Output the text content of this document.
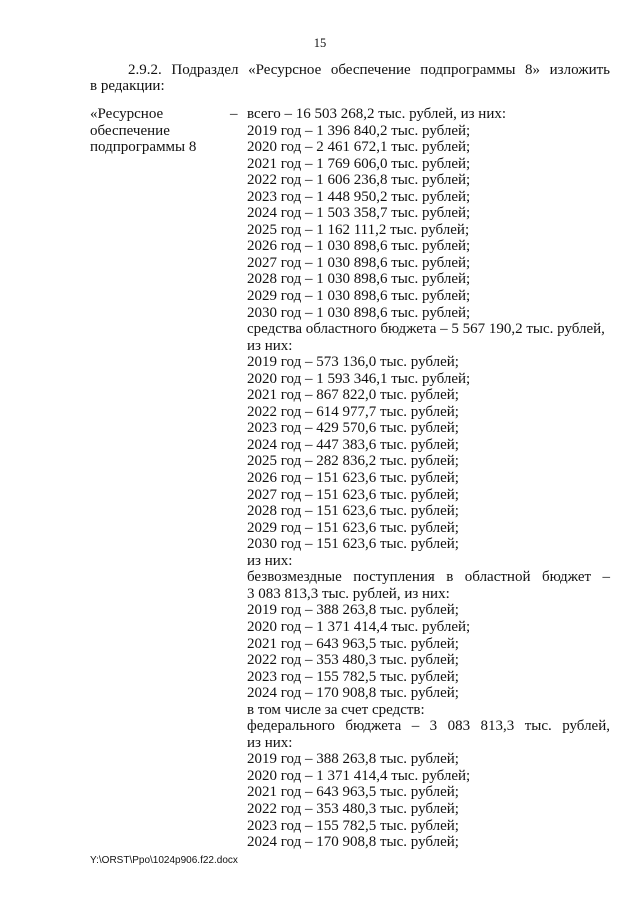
15
2.9.2. Подраздел «Ресурсное обеспечение подпрограммы 8» изложить
в редакции:
«Ресурсное
обеспечение
подпрограммы 8
– всего – 16 503 268,2 тыс. рублей, из них:
2019 год – 1 396 840,2 тыс. рублей;
2020 год – 2 461 672,1 тыс. рублей;
2021 год – 1 769 606,0 тыс. рублей;
2022 год – 1 606 236,8 тыс. рублей;
2023 год – 1 448 950,2 тыс. рублей;
2024 год – 1 503 358,7 тыс. рублей;
2025 год – 1 162 111,2 тыс. рублей;
2026 год – 1 030 898,6 тыс. рублей;
2027 год – 1 030 898,6 тыс. рублей;
2028 год – 1 030 898,6 тыс. рублей;
2029 год – 1 030 898,6 тыс. рублей;
2030 год – 1 030 898,6 тыс. рублей;
средства областного бюджета – 5 567 190,2 тыс. рублей,
из них:
2019 год – 573 136,0 тыс. рублей;
2020 год – 1 593 346,1 тыс. рублей;
2021 год – 867 822,0 тыс. рублей;
2022 год – 614 977,7 тыс. рублей;
2023 год – 429 570,6 тыс. рублей;
2024 год – 447 383,6 тыс. рублей;
2025 год – 282 836,2 тыс. рублей;
2026 год – 151 623,6 тыс. рублей;
2027 год – 151 623,6 тыс. рублей;
2028 год – 151 623,6 тыс. рублей;
2029 год – 151 623,6 тыс. рублей;
2030 год – 151 623,6 тыс. рублей;
из них:
безвозмездные поступления в областной бюджет –
3 083 813,3 тыс. рублей, из них:
2019 год – 388 263,8 тыс. рублей;
2020 год – 1 371 414,4 тыс. рублей;
2021 год – 643 963,5 тыс. рублей;
2022 год – 353 480,3 тыс. рублей;
2023 год – 155 782,5 тыс. рублей;
2024 год – 170 908,8 тыс. рублей;
в том числе за счет средств:
федерального бюджета – 3 083 813,3 тыс. рублей,
из них:
2019 год – 388 263,8 тыс. рублей;
2020 год – 1 371 414,4 тыс. рублей;
2021 год – 643 963,5 тыс. рублей;
2022 год – 353 480,3 тыс. рублей;
2023 год – 155 782,5 тыс. рублей;
2024 год – 170 908,8 тыс. рублей;
Y:\ORST\Ppo\1024p906.f22.docx
